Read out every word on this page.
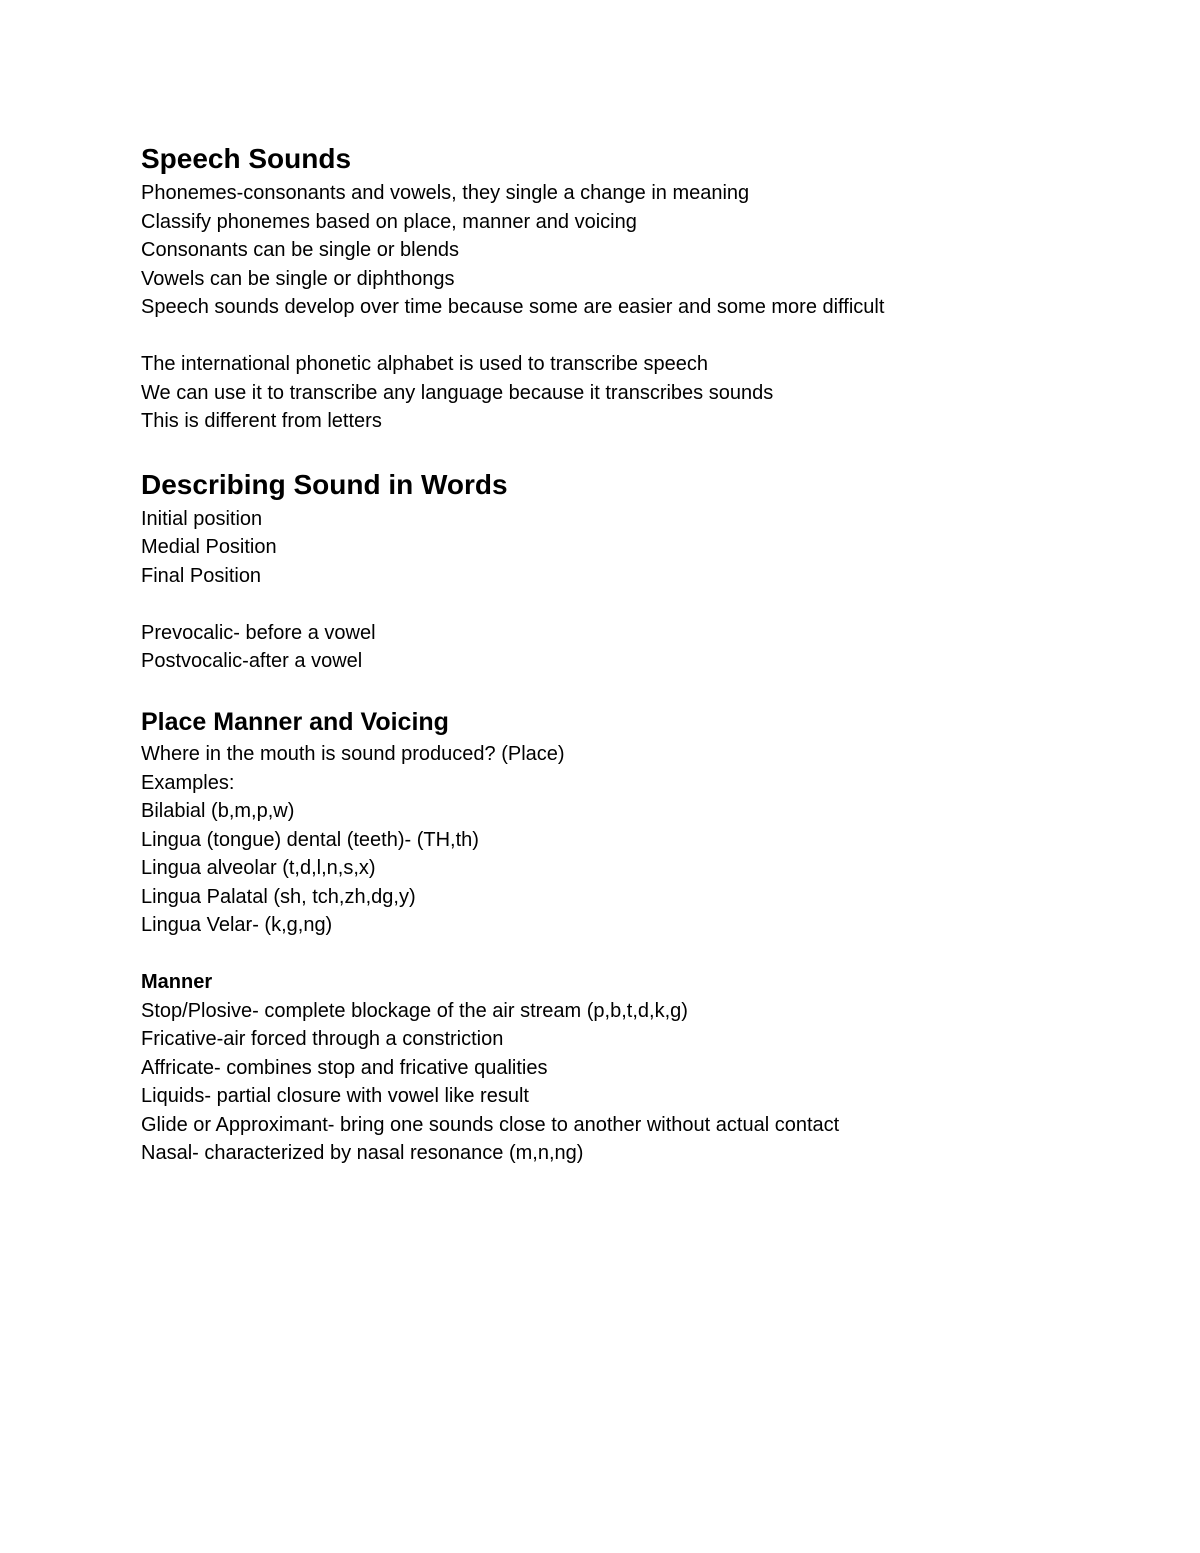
Speech Sounds

Phonemes-consonants and vowels, they single a change in meaning

Classify phonemes based on place, manner and voicing

Consonants can be single or blends

Vowels can be single or diphthongs

Speech sounds develop over time because some are easier and some more difficult

The international phonetic alphabet is used to transcribe speech

We can use it to transcribe any language because it transcribes sounds

This is different from letters

Describing Sound in Words

Initial position

Medial Position

Final Position

Prevocalic- before a vowel

Postvocalic-after a vowel

Place Manner and Voicing

Where in the mouth is sound produced? (Place)

Examples:

Bilabial (b,m,p,w)

Lingua (tongue) dental (teeth)- (TH,th)

Lingua alveolar (t,d,l,n,s,x)

Lingua Palatal (sh, tch,zh,dg,y)

Lingua Velar- (k,g,ng)

Manner

Stop/Plosive- complete blockage of the air stream (p,b,t,d,k,g)

Fricative-air forced through a constriction

Affricate- combines stop and fricative qualities

Liquids- partial closure with vowel like result

Glide or Approximant- bring one sounds close to another without actual contact

Nasal- characterized by nasal resonance (m,n,ng)
